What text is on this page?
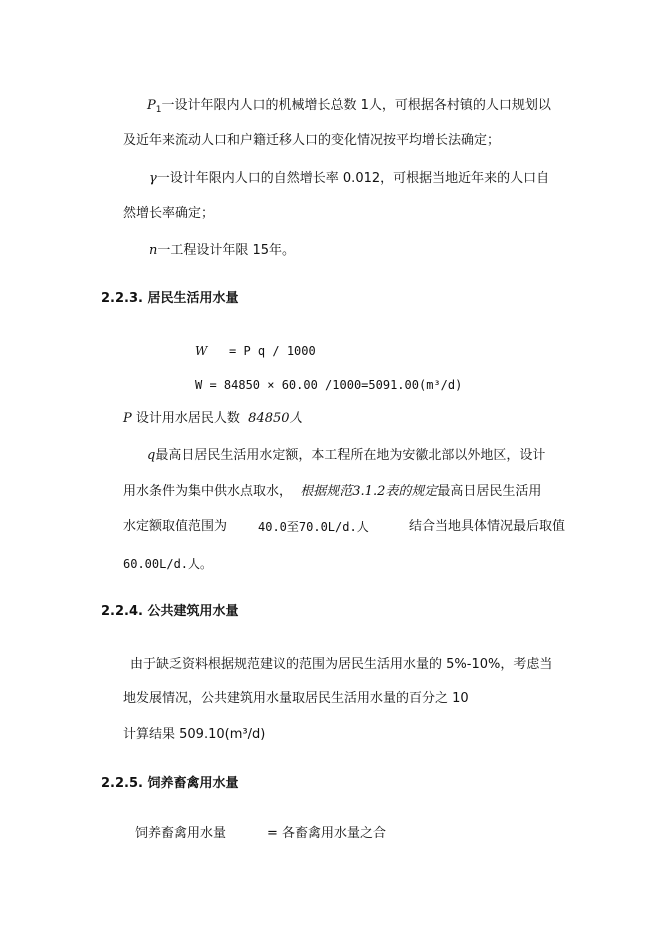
$P_1$一设计年限内人口的机械增长总数 1人，可根据各村镇的人口规划以
及近年来流动人口和户籍迁移人口的变化情况按平均增长法确定；
γ一设计年限内人口的自然增长率 0.012，可根据当地近年来的人口自
然增长率确定；
n一工程设计年限 15年。
2.2.3. 居民生活用水量
W = P q / 1000
W = 84850 × 60.00 /1000=5091.00(m³/d)
P 设计用水居民人数 84850人
q最高日居民生活用水定额，本工程所在地为安徽北部以外地区，设计
用水条件为集中供水点取水， 根据规范3.1.2表的规定最高日居民生活用
水定额取值范围为	40.0至70.0L/d.人	结合当地具体情况最后取值
60.00L/d.人。
2.2.4. 公共建筑用水量
由于缺乏资料根据规范建议的范围为居民生活用水量的 5%-10%，考虑当
地发展情况，公共建筑用水量取居民生活用水量的百分之 10
计算结果 509.10(m³/d)
2.2.5. 饲养畜禽用水量
饲养畜禽用水量	= 各畜禽用水量之合
